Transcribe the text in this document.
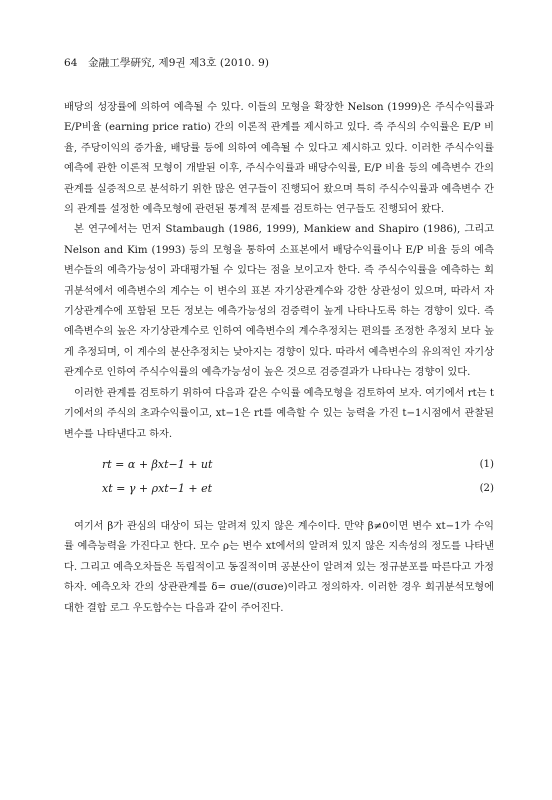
64 金融工學硏究, 제9권 제3호 (2010. 9)

배당의 성장률에 의하여 예측될 수 있다. 이들의 모형을 확장한 Nelson (1999)은 주식수익률과 E/P비율 (earning price ratio) 간의 이론적 관계를 제시하고 있다. 즉 주식의 수익률은 E/P 비율, 주당이익의 증가율, 배당률 등에 의하여 예측될 수 있다고 제시하고 있다. 이러한 주식수익률 예측에 관한 이론적 모형이 개발된 이후, 주식수익률과 배당수익률, E/P 비율 등의 예측변수 간의 관계를 실증적으로 분석하기 위한 많은 연구들이 진행되어 왔으며 특히 주식수익률과 예측변수 간의 관계를 설정한 예측모형에 관련된 통계적 문제를 검토하는 연구들도 진행되어 왔다.

본 연구에서는 먼저 Stambaugh (1986, 1999), Mankiew and Shapiro (1986), 그리고 Nelson and Kim (1993) 등의 모형을 통하여 소표본에서 배당수익률이나 E/P 비율 등의 예측변수들의 예측가능성이 과대평가될 수 있다는 점을 보이고자 한다. 즉 주식수익률을 예측하는 회귀분석에서 예측변수의 계수는 이 변수의 표본 자기상관계수와 강한 상관성이 있으며, 따라서 자기상관계수에 포함된 모든 정보는 예측가능성의 검증력이 높게 나타나도록 하는 경향이 있다. 즉 예측변수의 높은 자기상관계수로 인하여 예측변수의 계수추정치는 편의를 조정한 추정치 보다 높게 추정되며, 이 계수의 분산추정치는 낮아지는 경향이 있다. 따라서 예측변수의 유의적인 자기상관계수로 인하여 주식수익률의 예측가능성이 높은 것으로 검증결과가 나타나는 경향이 있다.

이러한 관계를 검토하기 위하여 다음과 같은 수익률 예측모형을 검토하여 보자. 여기에서 rt는 t기에서의 주식의 초과수익률이고, xt−1은 rt를 예측할 수 있는 능력을 가진 t−1시점에서 관찰된 변수를 나타낸다고 하자.

rt = α + βxt−1 + ut	(1)
xt = γ + ρxt−1 + et	(2)

여기서 β가 관심의 대상이 되는 알려져 있지 않은 계수이다. 만약 β≠0이면 변수 xt−1가 수익률 예측능력을 가진다고 한다. 모수 ρ는 변수 xt에서의 알려져 있지 않은 지속성의 정도를 나타낸다. 그리고 예측오차들은 독립적이고 동질적이며 공분산이 알려져 있는 정규분포를 따른다고 가정하자. 예측오차 간의 상관관계를 δ= σue/(σuσe)이라고 정의하자. 이러한 경우 회귀분석모형에 대한 결합 로그 우도함수는 다음과 같이 주어진다.
